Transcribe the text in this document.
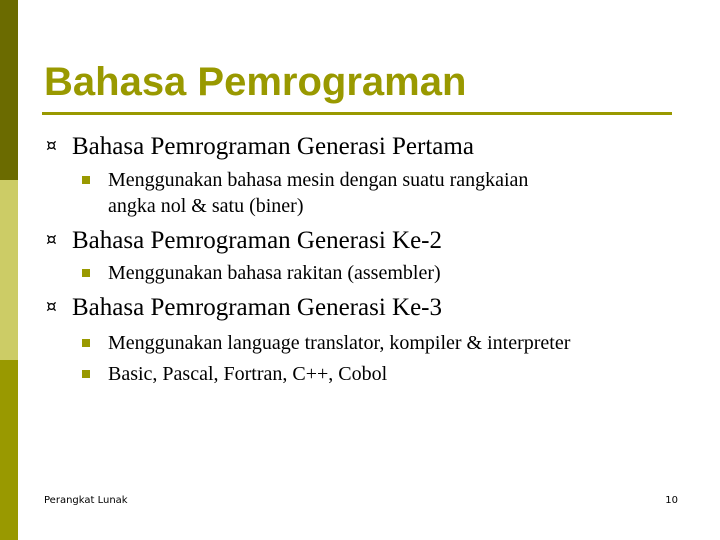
Bahasa Pemrograman
¤ Bahasa Pemrograman Generasi Pertama
Menggunakan bahasa mesin dengan suatu rangkaian
angka nol & satu (biner)
¤ Bahasa Pemrograman Generasi Ke-2
Menggunakan bahasa rakitan (assembler)
¤ Bahasa Pemrograman Generasi Ke-3
Menggunakan language translator, kompiler & interpreter
Basic, Pascal, Fortran, C++, Cobol
Perangkat Lunak	10
